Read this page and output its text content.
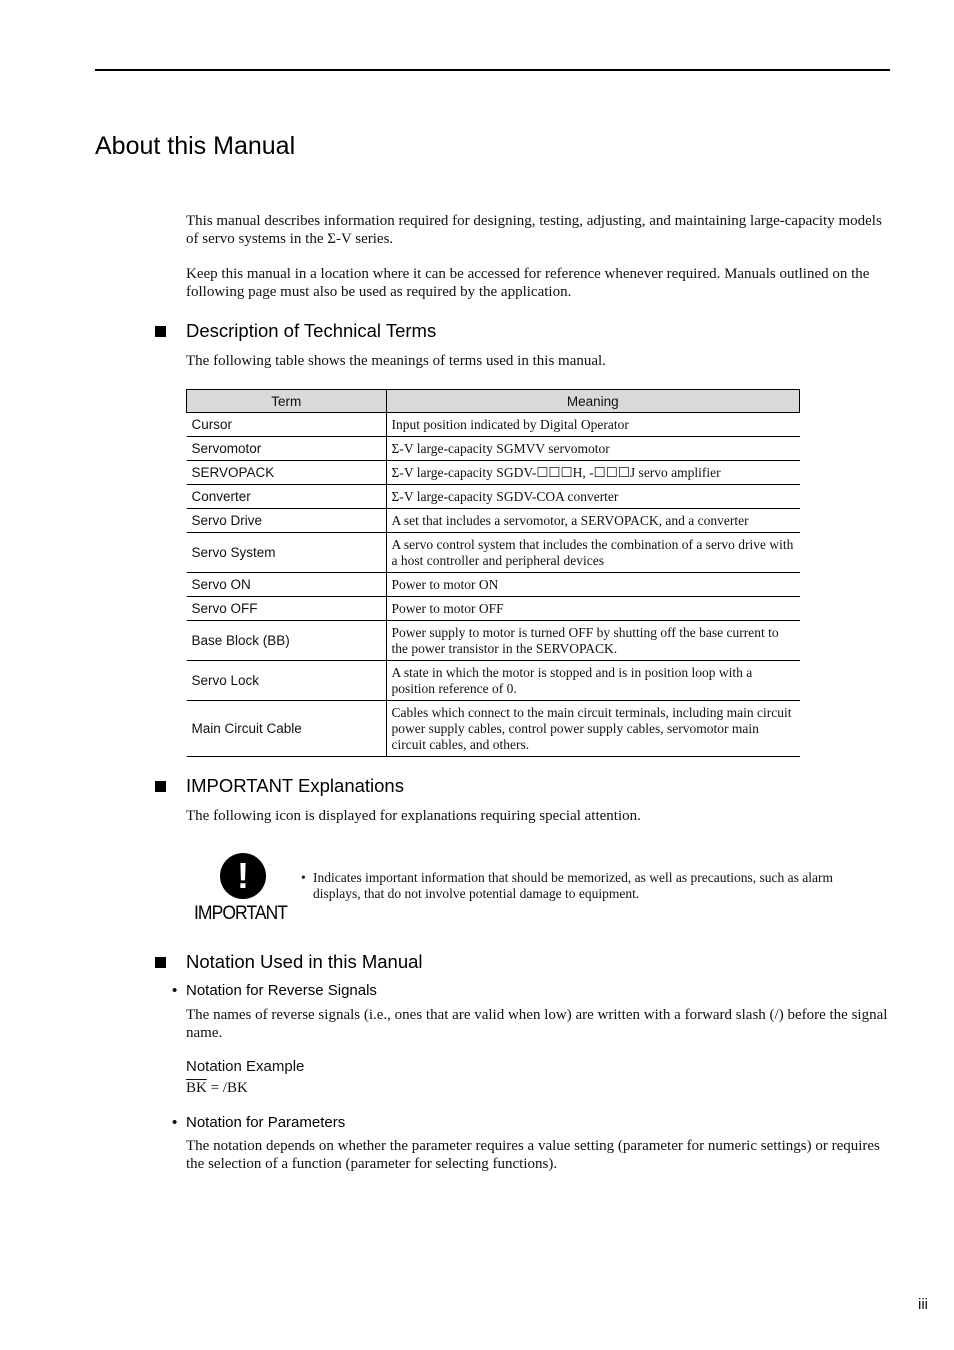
About this Manual

This manual describes information required for designing, testing, adjusting, and maintaining large-capacity models of servo systems in the Σ-V series.

Keep this manual in a location where it can be accessed for reference whenever required. Manuals outlined on the following page must also be used as required by the application.

Description of Technical Terms

The following table shows the meanings of terms used in this manual.

Term	Meaning
Cursor	Input position indicated by Digital Operator
Servomotor	Σ-V large-capacity SGMVV servomotor
SERVOPACK	Σ-V large-capacity SGDV-☐☐☐H, -☐☐☐J servo amplifier
Converter	Σ-V large-capacity SGDV-COA converter
Servo Drive	A set that includes a servomotor, a SERVOPACK, and a converter
Servo System	A servo control system that includes the combination of a servo drive with a host controller and peripheral devices
Servo ON	Power to motor ON
Servo OFF	Power to motor OFF
Base Block (BB)	Power supply to motor is turned OFF by shutting off the base current to the power transistor in the SERVOPACK.
Servo Lock	A state in which the motor is stopped and is in position loop with a position reference of 0.
Main Circuit Cable	Cables which connect to the main circuit terminals, including main circuit power supply cables, control power supply cables, servomotor main circuit cables, and others.
IMPORTANT Explanations

The following icon is displayed for explanations requiring special attention.

!
IMPORTANT
• Indicates important information that should be memorized, as well as precautions, such as alarm displays, that do not involve potential damage to equipment.
Notation Used in this Manual
• Notation for Reverse Signals

The names of reverse signals (i.e., ones that are valid when low) are written with a forward slash (/) before the signal name.

Notation Example
$\overline{BK} = /BK$
• Notation for Parameters

The notation depends on whether the parameter requires a value setting (parameter for numeric settings) or requires the selection of a function (parameter for selecting functions).

iii
